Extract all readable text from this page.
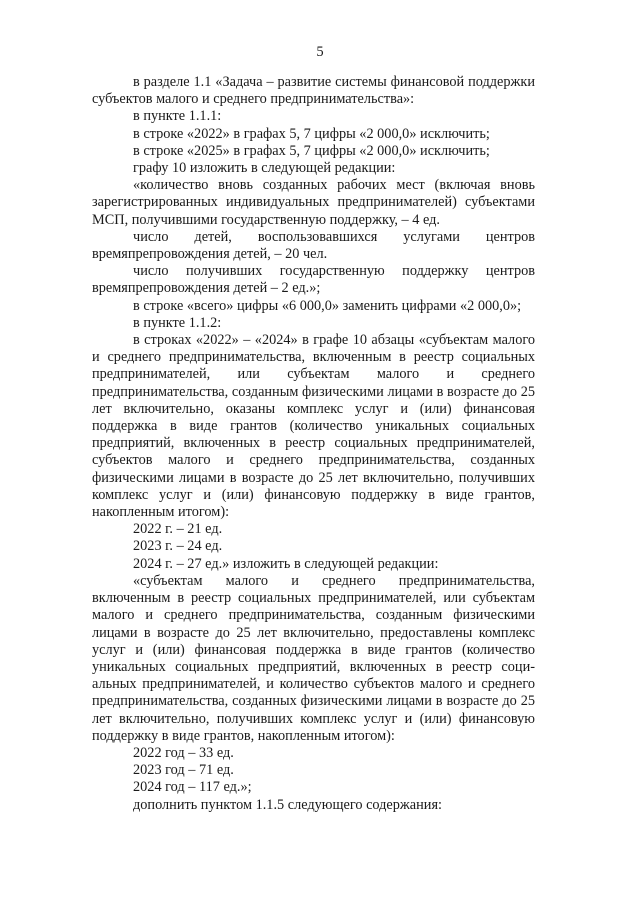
5

в разделе 1.1 «Задача – развитие системы финансовой поддержки субъектов малого и среднего предпринимательства»:

в пункте 1.1.1:

в строке «2022» в графах 5, 7 цифры «2 000,0» исключить;

в строке «2025» в графах 5, 7 цифры «2 000,0» исключить;

графу 10 изложить в следующей редакции:

«количество вновь созданных рабочих мест (включая вновь зарегистрированных индивидуальных предпринимателей) субъектами МСП, получившими государственную поддержку, – 4 ед.

число детей, воспользовавшихся услугами центров времяпрепровождения детей, – 20 чел.

число получивших государственную поддержку центров времяпрепровождения детей – 2 ед.»;

в строке «всего» цифры «6 000,0» заменить цифрами «2 000,0»;

в пункте 1.1.2:

в строках «2022» – «2024» в графе 10 абзацы «субъектам малого и среднего предпринимательства, включенным в реестр социальных предпринимателей, или субъектам малого и среднего предпринимательства, созданным физическими лицами в возрасте до 25 лет включительно, оказаны комплекс услуг и (или) финансовая поддержка в виде грантов (количество уникальных социальных предприятий, включенных в реестр социальных предпринимателей, субъектов малого и среднего предпринимательства, созданных физическими лицами в возрасте до 25 лет включительно, получивших комплекс услуг и (или) финансовую поддержку в виде грантов, накопленным итогом):

2022 г. – 21 ед.

2023 г. – 24 ед.

2024 г. – 27 ед.» изложить в следующей редакции:

«субъектам малого и среднего предпринимательства, включенным в реестр социальных предпринимателей, или субъектам малого и среднего предпринимательства, созданным физическими лицами в возрасте до 25 лет включительно, предоставлены комплекс услуг и (или) финансовая поддержка в виде грантов (количество уникальных социальных предприятий, включенных в реестр социальных предпринимателей, и количество субъектов малого и среднего предпринимательства, созданных физическими лицами в возрасте до 25 лет включительно, получивших комплекс услуг и (или) финансовую поддержку в виде грантов, накопленным итогом):

2022 год – 33 ед.

2023 год – 71 ед.

2024 год – 117 ед.»;

дополнить пунктом 1.1.5 следующего содержания:
